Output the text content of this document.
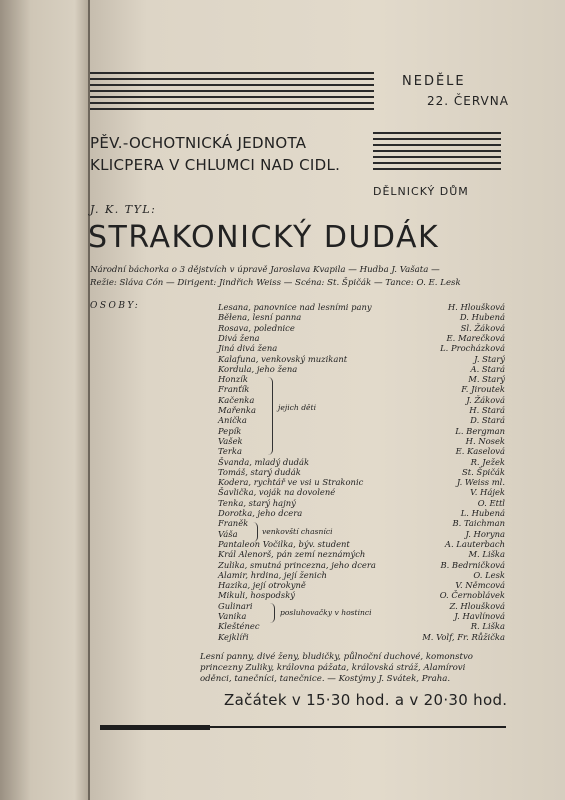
NEDĚLE
22. ČERVNA
PĚV.-OCHOTNICKÁ JEDNOTA
KLICPERA V CHLUMCI NAD CIDL.
DĚLNICKÝ DŮM
J. K. TYL:
STRAKONICKÝ DUDÁK
Národní báchorka o 3 dějstvích v úpravě Jaroslava Kvapila — Hudba J. Vašata —
Režie: Sláva Cón — Dirigent: Jindřich Weiss — Scéna: St. Špičák — Tance: O. E. Lesk
OSOBY:	Lesana, panovnice nad lesními pany	H. Hloušková
Běłena, lesní panna	D. Hubená
Rosava, polednice	Sl. Žáková
Divá žena	E. Marečková
Jiná divá žena	L. Procházková
Kalafuna, venkovský muzikant	J. Starý
Kordula, jeho žena	A. Stará
Honzík	M. Starý
Franťík	F. Jiroutek
Kačenka	J. Žáková
Mařenka	H. Stará
Anička	D. Stará
Pepík	L. Bergman
Vašek	H. Nosek
Terka	E. Kaselová
Švanda, mladý dudák	R. Ježek
Tomáš, starý dudák	St. Špičák
Kodera, rychtář ve vsi u Strakonic	J. Weiss ml.
Šavlička, voják na dovolené	V. Hájek
Tenka, starý hajný	O. Ettl
Dorotka, jeho dcera	L. Hubená
Franěk	B. Taichman
Váša	J. Horyna
Pantaleon Vočilka, býv. student	A. Lauterbach
Král Alenorš, pán zemí neznámých	M. Liška
Zulika, smutná princezna, jeho dcera	B. Bedrničková
Alamir, hrdina, její ženich	O. Lesk
Hazika, její otrokyně	V. Němcová
Mikuli, hospodský	O. Černoblávek
Gulinari	Z. Hloušková
Vanika	J. Havlínová
Klešténec	R. Liška
Kejklíři	M. Volf, Fr. Růžička
jejich děti
venkovští chasníci
posluhovačky v hostinci
Lesní panny, divé ženy, bludičky, půlnoční duchové, komonstvo
princezny Zuliky, královna pážata, královská stráž, Alamírovi
oděnci, tanečníci, tanečnice. — Kostýmy J. Svátek, Praha.
Začátek v 15·30 hod. a v 20·30 hod.
